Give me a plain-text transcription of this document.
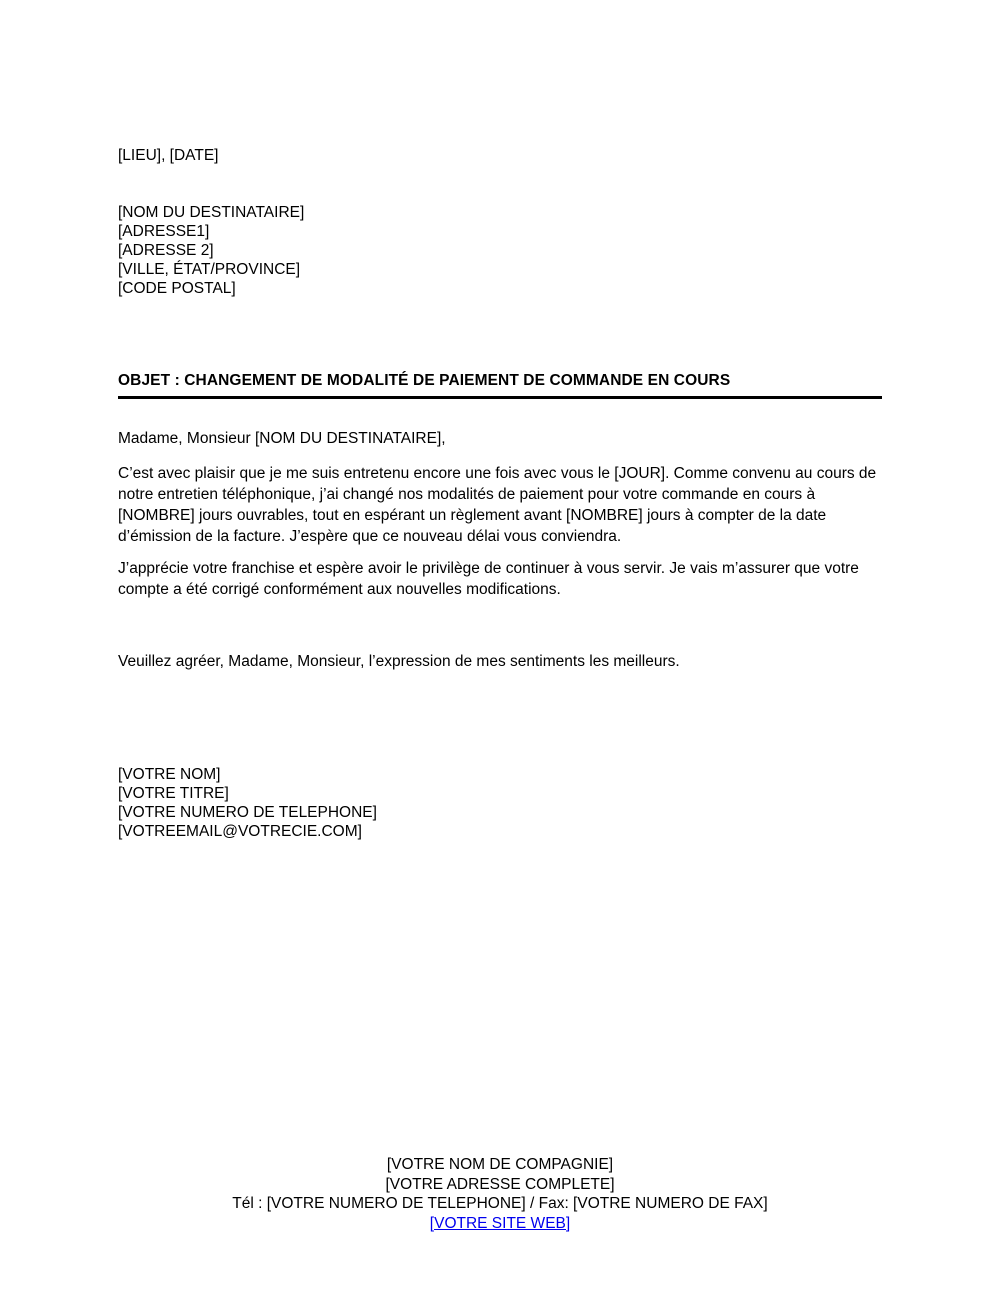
[LIEU], [DATE]

[NOM DU DESTINATAIRE]
[ADRESSE1]
[ADRESSE 2]
[VILLE, ÉTAT/PROVINCE]
[CODE POSTAL]
OBJET : CHANGEMENT DE MODALITÉ DE PAIEMENT DE COMMANDE EN COURS

Madame, Monsieur [NOM DU DESTINATAIRE],

C’est avec plaisir que je me suis entretenu encore une fois avec vous le [JOUR]. Comme convenu au cours de notre entretien téléphonique, j’ai changé nos modalités de paiement pour votre commande en cours à [NOMBRE] jours ouvrables, tout en espérant un règlement avant [NOMBRE] jours à compter de la date d’émission de la facture. J’espère que ce nouveau délai vous conviendra.

J’apprécie votre franchise et espère avoir le privilège de continuer à vous servir. Je vais m’assurer que votre compte a été corrigé conformément aux nouvelles modifications.

Veuillez agréer, Madame, Monsieur, l’expression de mes sentiments les meilleurs.

[VOTRE NOM]
[VOTRE TITRE]
[VOTRE NUMERO DE TELEPHONE]
[VOTREEMAIL@VOTRECIE.COM]

[VOTRE NOM DE COMPAGNIE]

[VOTRE ADRESSE COMPLETE]

Tél : [VOTRE NUMERO DE TELEPHONE] / Fax: [VOTRE NUMERO DE FAX]

[VOTRE SITE WEB]
